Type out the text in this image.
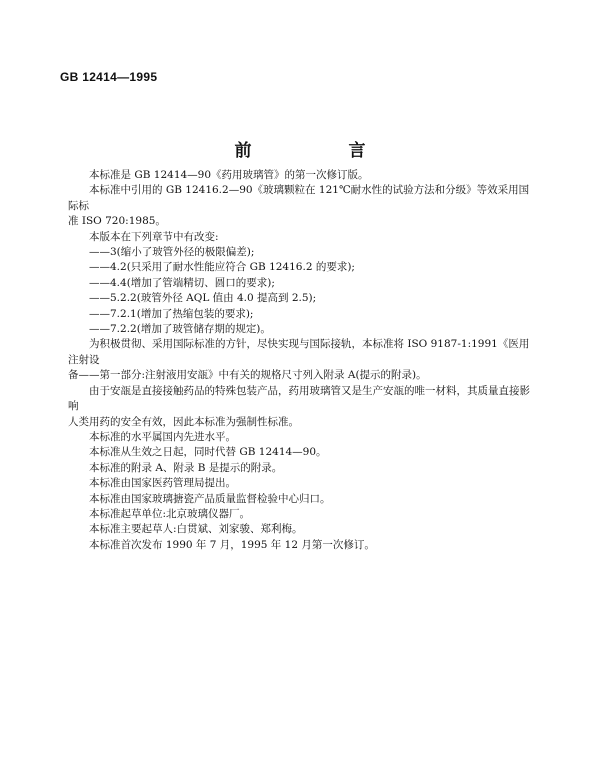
GB 12414—1995
前　言

本标准是 GB 12414—90《药用玻璃管》的第一次修订版。

本标准中引用的 GB 12416.2—90《玻璃颗粒在 121℃耐水性的试验方法和分级》等效采用国际标

准 ISO 720:1985。

本版本在下列章节中有改变:

——3(缩小了玻管外径的极限偏差);

——4.2(只采用了耐水性能应符合 GB 12416.2 的要求);

——4.4(增加了管端精切、圆口的要求);

——5.2.2(玻管外径 AQL 值由 4.0 提高到 2.5);

——7.2.1(增加了热缩包装的要求);

——7.2.2(增加了玻管储存期的规定)。

为积极贯彻、采用国际标准的方针，尽快实现与国际接轨，本标准将 ISO 9187-1:1991《医用注射设

备——第一部分:注射液用安瓿》中有关的规格尺寸列入附录 A(提示的附录)。

由于安瓿是直接接触药品的特殊包装产品，药用玻璃管又是生产安瓿的唯一材料，其质量直接影响

人类用药的安全有效，因此本标准为强制性标准。

本标准的水平属国内先进水平。

本标准从生效之日起，同时代替 GB 12414—90。

本标准的附录 A、附录 B 是提示的附录。

本标准由国家医药管理局提出。

本标准由国家玻璃搪瓷产品质量监督检验中心归口。

本标准起草单位:北京玻璃仪器厂。

本标准主要起草人:白贯斌、刘家骏、郑利梅。

本标准首次发布 1990 年 7 月，1995 年 12 月第一次修订。
